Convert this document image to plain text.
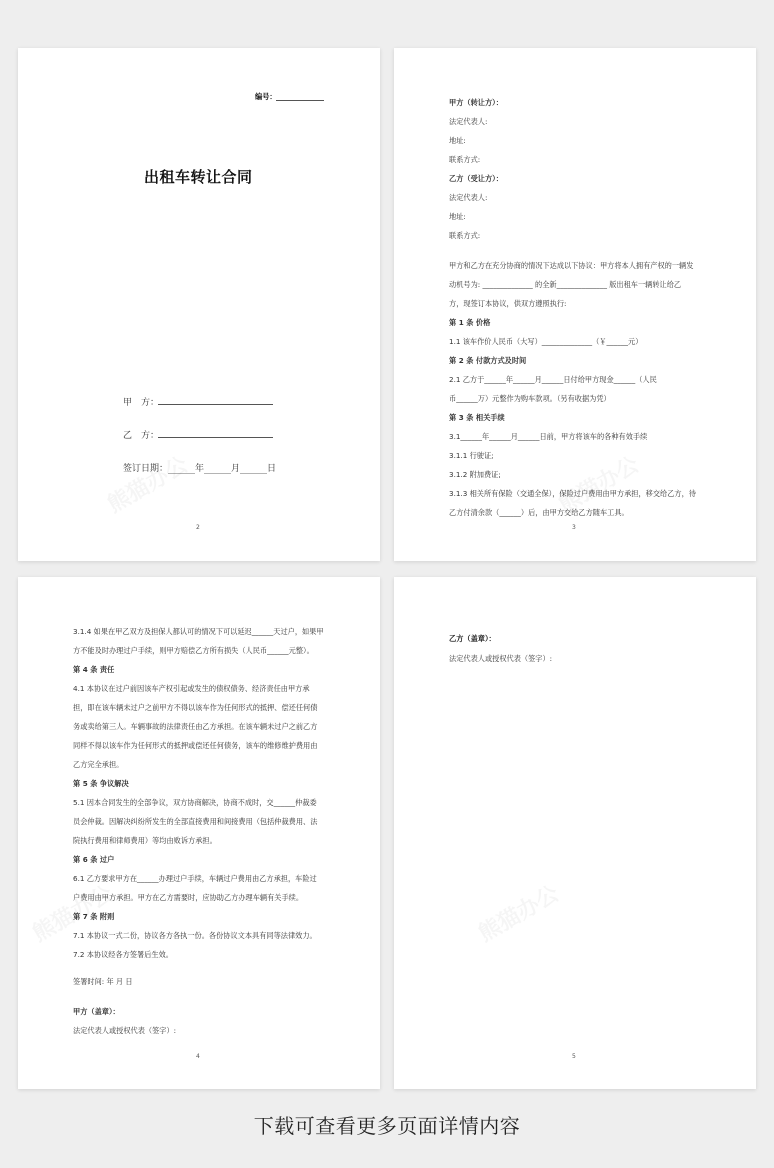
编号：
出租车转让合同
甲　方：
乙　方：
签订日期：______年______月______日
2
甲方（转让方）：
法定代表人:
地址:
联系方式:
乙方（受让方）：
法定代表人:
地址:
联系方式:
甲方和乙方在充分协商的情况下达成以下协议：甲方将本人拥有产权的一辆发
动机号为: ______________ 的全新______________ 版出租车一辆转让给乙
方，现签订本协议，供双方遵照执行:
第 1 条 价格
1.1 该车作价人民币（大写）______________（￥______元）
第 2 条 付款方式及时间
2.1 乙方于______年______月______日付给甲方现金______（人民
币______万）元整作为购车款项。（另有收据为凭）
第 3 条 相关手续
3.1______年______月______日前，甲方将该车的各种有效手续
3.1.1 行驶证;
3.1.2 附加费证;
3.1.3 相关所有保险（交通全保），保险过户费用由甲方承担，移交给乙方，待
乙方付清余款（______）后，由甲方交给乙方随车工具。
3
3.1.4 如果在甲乙双方及担保人都认可的情况下可以延迟______天过户，如果甲
方不能及时办理过户手续，则甲方赔偿乙方所有损失（人民币______元整）。
第 4 条 责任
4.1 本协议在过户前因该车产权引起或发生的债权债务、经济责任由甲方承
担，即在该车辆未过户之前甲方不得以该车作为任何形式的抵押、偿还任何债
务或卖给第三人。车辆事故的法律责任由乙方承担。在该车辆未过户之前乙方
同样不得以该车作为任何形式的抵押或偿还任何债务，该车的维修维护费用由
乙方完全承担。
第 5 条 争议解决
5.1 因本合同发生的全部争议，双方协商解决，协商不成时，交______仲裁委
员会仲裁。因解决纠纷所发生的全部直接费用和间接费用（包括仲裁费用、法
院执行费用和律师费用）等均由败诉方承担。
第 6 条 过户
6.1 乙方要求甲方在______办理过户手续，车辆过户费用由乙方承担，车险过
户费用由甲方承担。甲方在乙方需要时，应协助乙方办理车辆有关手续。
第 7 条 附则
7.1 本协议一式二份，协议各方各执一份。各份协议文本具有同等法律效力。
7.2 本协议经各方签署后生效。
签署时间: 年 月 日
甲方（盖章）：
法定代表人或授权代表（签字）:
4
乙方（盖章）：
法定代表人或授权代表（签字）:
5
下载可查看更多页面详情内容
